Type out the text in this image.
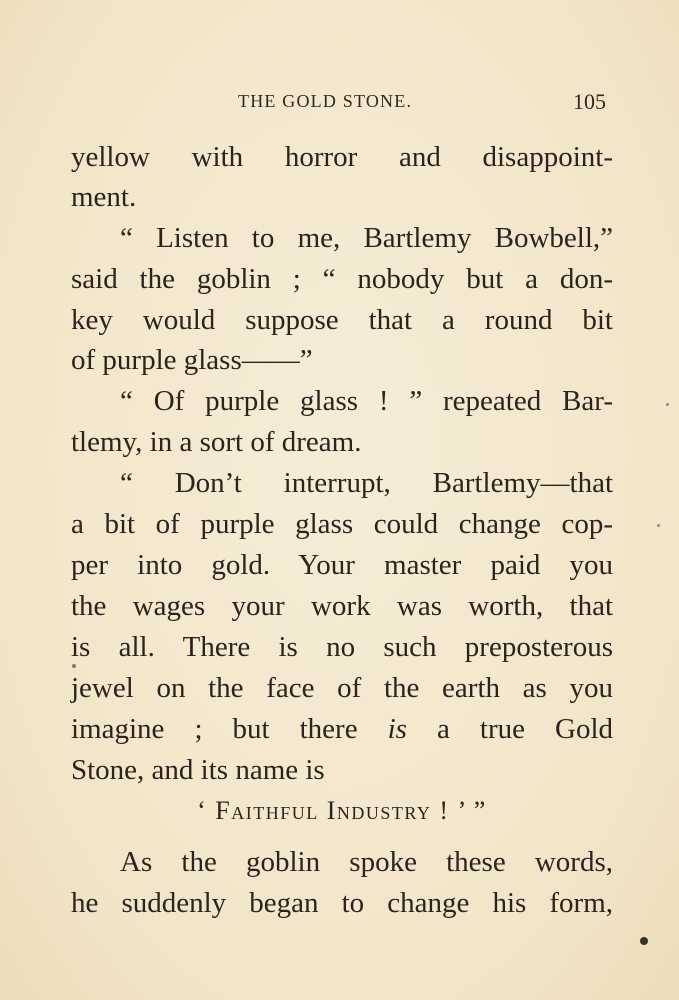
THE GOLD STONE.	105
yellow with horror and disappoint-
ment.
“ Listen to me, Bartlemy Bowbell,”
said the goblin ; “ nobody but a don-
key would suppose that a round bit
of purple glass——”
“ Of purple glass ! ” repeated Bar-
tlemy, in a sort of dream.
“ Don’t interrupt, Bartlemy—that
a bit of purple glass could change cop-
per into gold. Your master paid you
the wages your work was worth, that
is all. There is no such preposterous
jewel on the face of the earth as you
imagine ; but there is a true Gold
Stone, and its name is
‘ Faithful Industry ! ’ ”
As the goblin spoke these words,
he suddenly began to change his form,
